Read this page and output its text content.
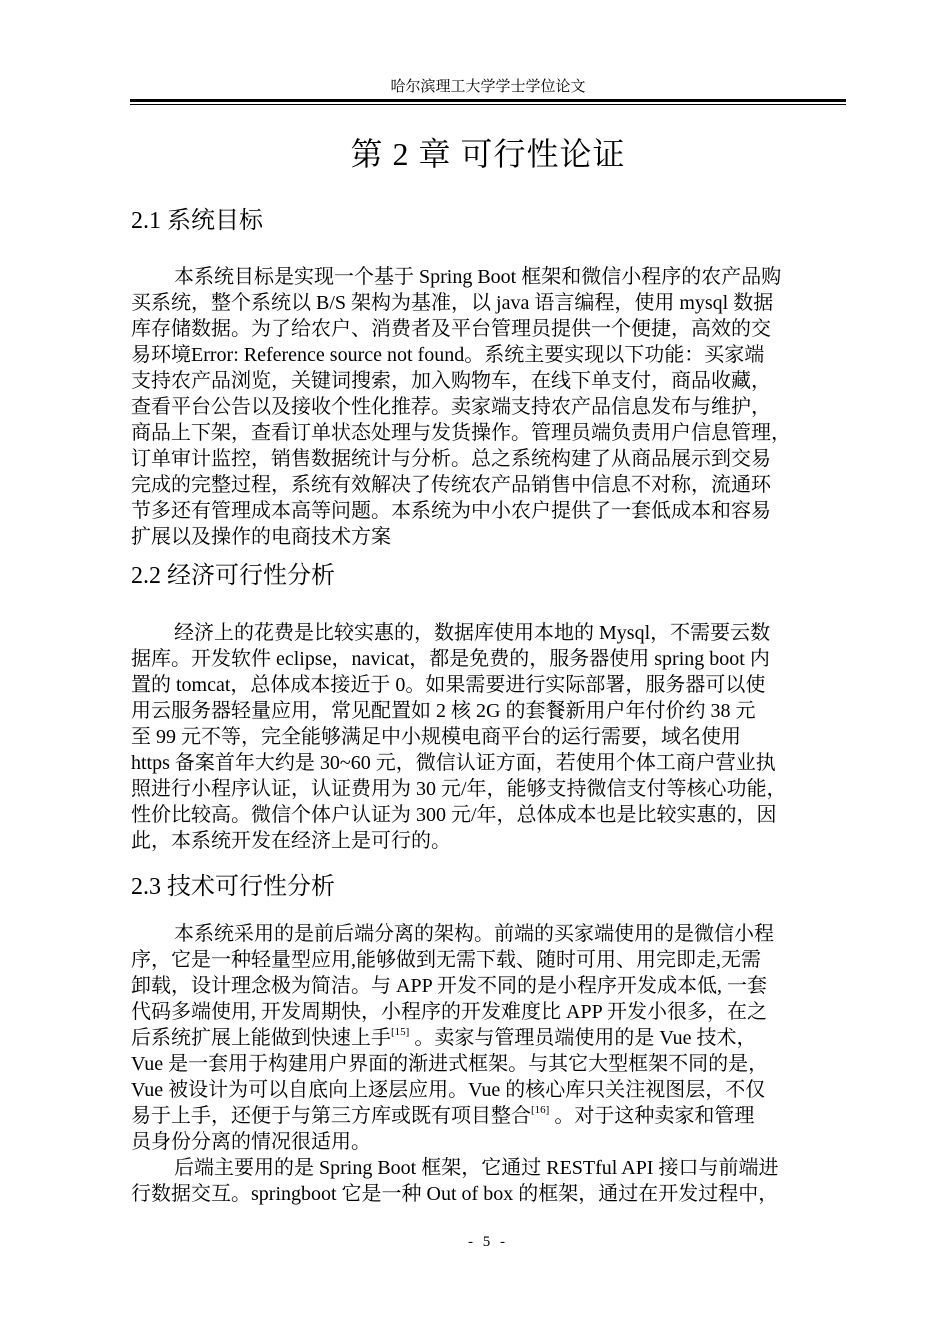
哈尔滨理工大学学士学位论文
第 2 章 可行性论证
2.1 系统目标
本系统目标是实现一个基于 Spring Boot 框架和微信小程序的农产品购
买系统，整个系统以 B/S 架构为基准，以 java 语言编程，使用 mysql 数据
库存储数据。为了给农户、消费者及平台管理员提供一个便捷，高效的交
易环境Error: Reference source not found。系统主要实现以下功能：买家端
支持农产品浏览，关键词搜索，加入购物车，在线下单支付，商品收藏，
查看平台公告以及接收个性化推荐。卖家端支持农产品信息发布与维护，
商品上下架，查看订单状态处理与发货操作。管理员端负责用户信息管理，
订单审计监控，销售数据统计与分析。总之系统构建了从商品展示到交易
完成的完整过程，系统有效解决了传统农产品销售中信息不对称，流通环
节多还有管理成本高等问题。本系统为中小农户提供了一套低成本和容易
扩展以及操作的电商技术方案
2.2 经济可行性分析
经济上的花费是比较实惠的，数据库使用本地的 Mysql，不需要云数
据库。开发软件 eclipse，navicat，都是免费的，服务器使用 spring boot 内
置的 tomcat，总体成本接近于 0。如果需要进行实际部署，服务器可以使
用云服务器轻量应用，常见配置如 2 核 2G 的套餐新用户年付价约 38 元
至 99 元不等，完全能够满足中小规模电商平台的运行需要，域名使用
https 备案首年大约是 30~60 元，微信认证方面，若使用个体工商户营业执
照进行小程序认证，认证费用为 30 元/年，能够支持微信支付等核心功能，
性价比较高。微信个体户认证为 300 元/年，总体成本也是比较实惠的，因
此，本系统开发在经济上是可行的。
2.3 技术可行性分析
本系统采用的是前后端分离的架构。前端的买家端使用的是微信小程
序，它是一种轻量型应用,能够做到无需下载、随时可用、用完即走,无需
卸载，设计理念极为简洁。与 APP 开发不同的是小程序开发成本低, 一套
代码多端使用, 开发周期快，小程序的开发难度比 APP 开发小很多，在之
后系统扩展上能做到快速上手[15] 。卖家与管理员端使用的是 Vue 技术，
Vue 是一套用于构建用户界面的渐进式框架。与其它大型框架不同的是，
Vue 被设计为可以自底向上逐层应用。Vue 的核心库只关注视图层，不仅
易于上手，还便于与第三方库或既有项目整合[16] 。对于这种卖家和管理
员身份分离的情况很适用。
后端主要用的是 Spring Boot 框架，它通过 RESTful API 接口与前端进
行数据交互。springboot 它是一种 Out of box 的框架，通过在开发过程中，
- 5 -
